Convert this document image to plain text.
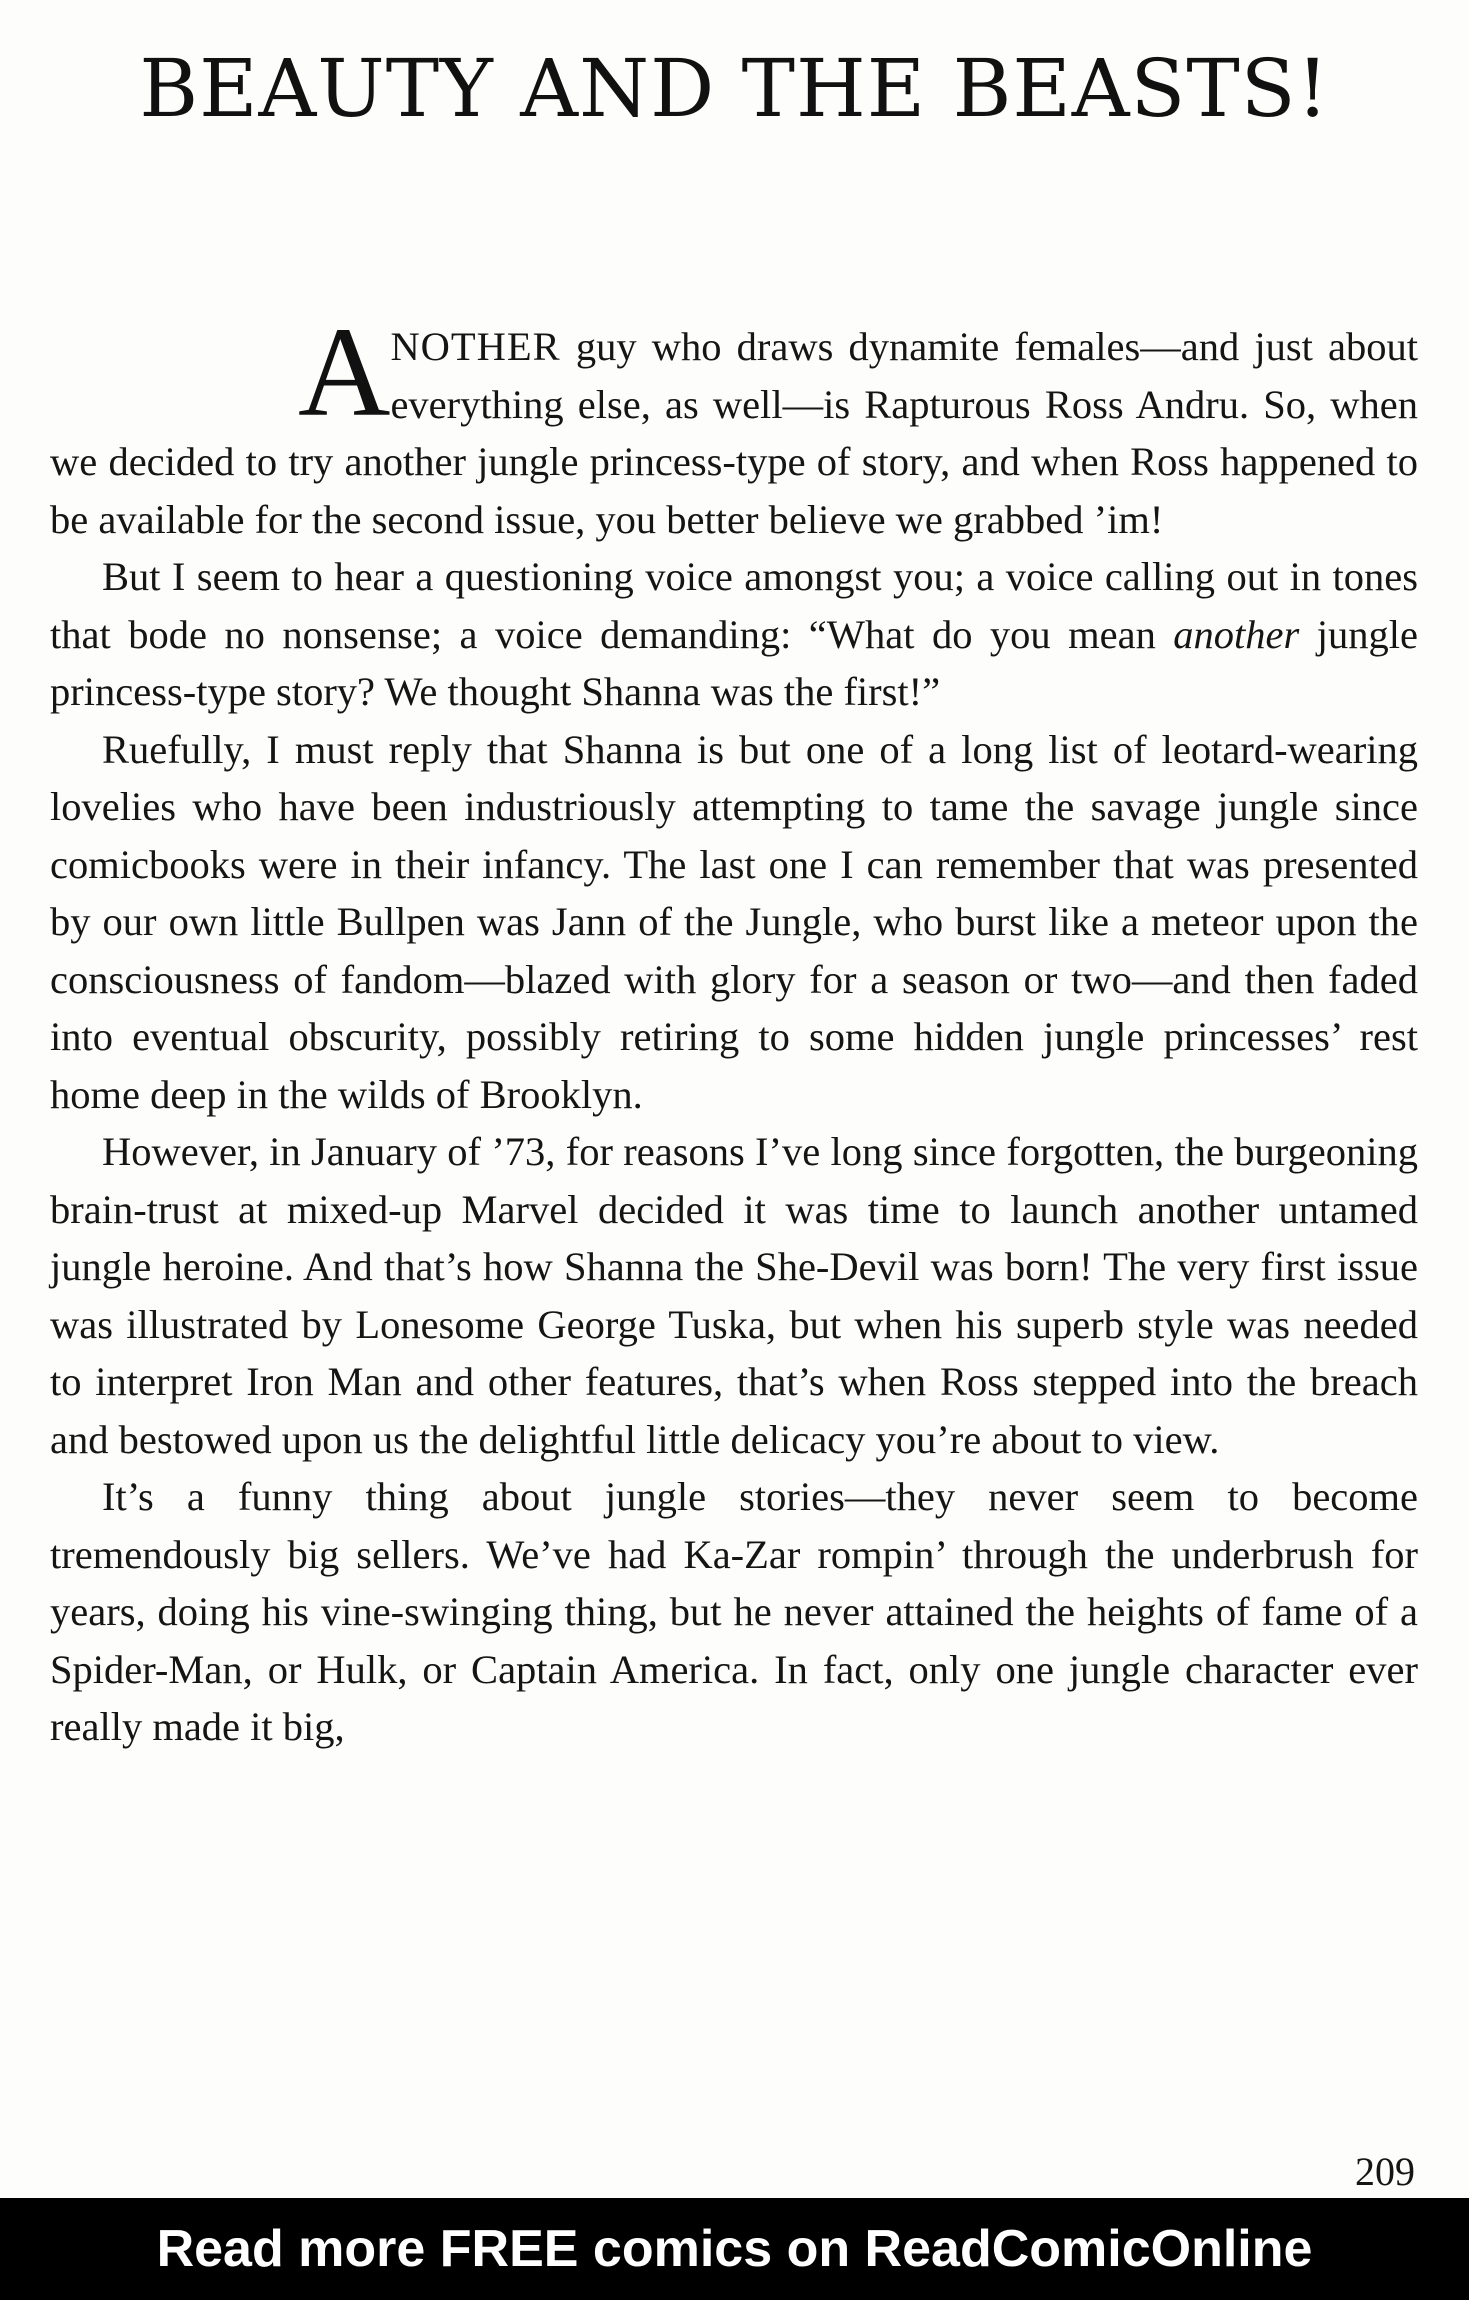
BEAUTY AND THE BEASTS!

ANOTHER guy who draws dynamite females—and just about everything else, as well—is Rapturous Ross Andru. So, when we decided to try another jungle princess-type of story, and when Ross happened to be available for the second issue, you better believe we grabbed ’im!

But I seem to hear a questioning voice amongst you; a voice calling out in tones that bode no nonsense; a voice demanding: “What do you mean another jungle princess-type story? We thought Shanna was the first!”

Ruefully, I must reply that Shanna is but one of a long list of leotard-wearing lovelies who have been industriously attempting to tame the savage jungle since comicbooks were in their infancy. The last one I can remember that was presented by our own little Bullpen was Jann of the Jungle, who burst like a meteor upon the consciousness of fandom—blazed with glory for a season or two—and then faded into eventual obscurity, possibly retiring to some hidden jungle princesses’ rest home deep in the wilds of Brooklyn.

However, in January of ’73, for reasons I’ve long since forgotten, the burgeoning brain-trust at mixed-up Marvel decided it was time to launch another untamed jungle heroine. And that’s how Shanna the She-Devil was born! The very first issue was illustrated by Lonesome George Tuska, but when his superb style was needed to interpret Iron Man and other features, that’s when Ross stepped into the breach and bestowed upon us the delightful little delicacy you’re about to view.

It’s a funny thing about jungle stories—they never seem to become tremendously big sellers. We’ve had Ka-Zar rompin’ through the underbrush for years, doing his vine-swinging thing, but he never attained the heights of fame of a Spider-Man, or Hulk, or Captain America. In fact, only one jungle character ever really made it big,

209
Read more FREE comics on ReadComicOnline
